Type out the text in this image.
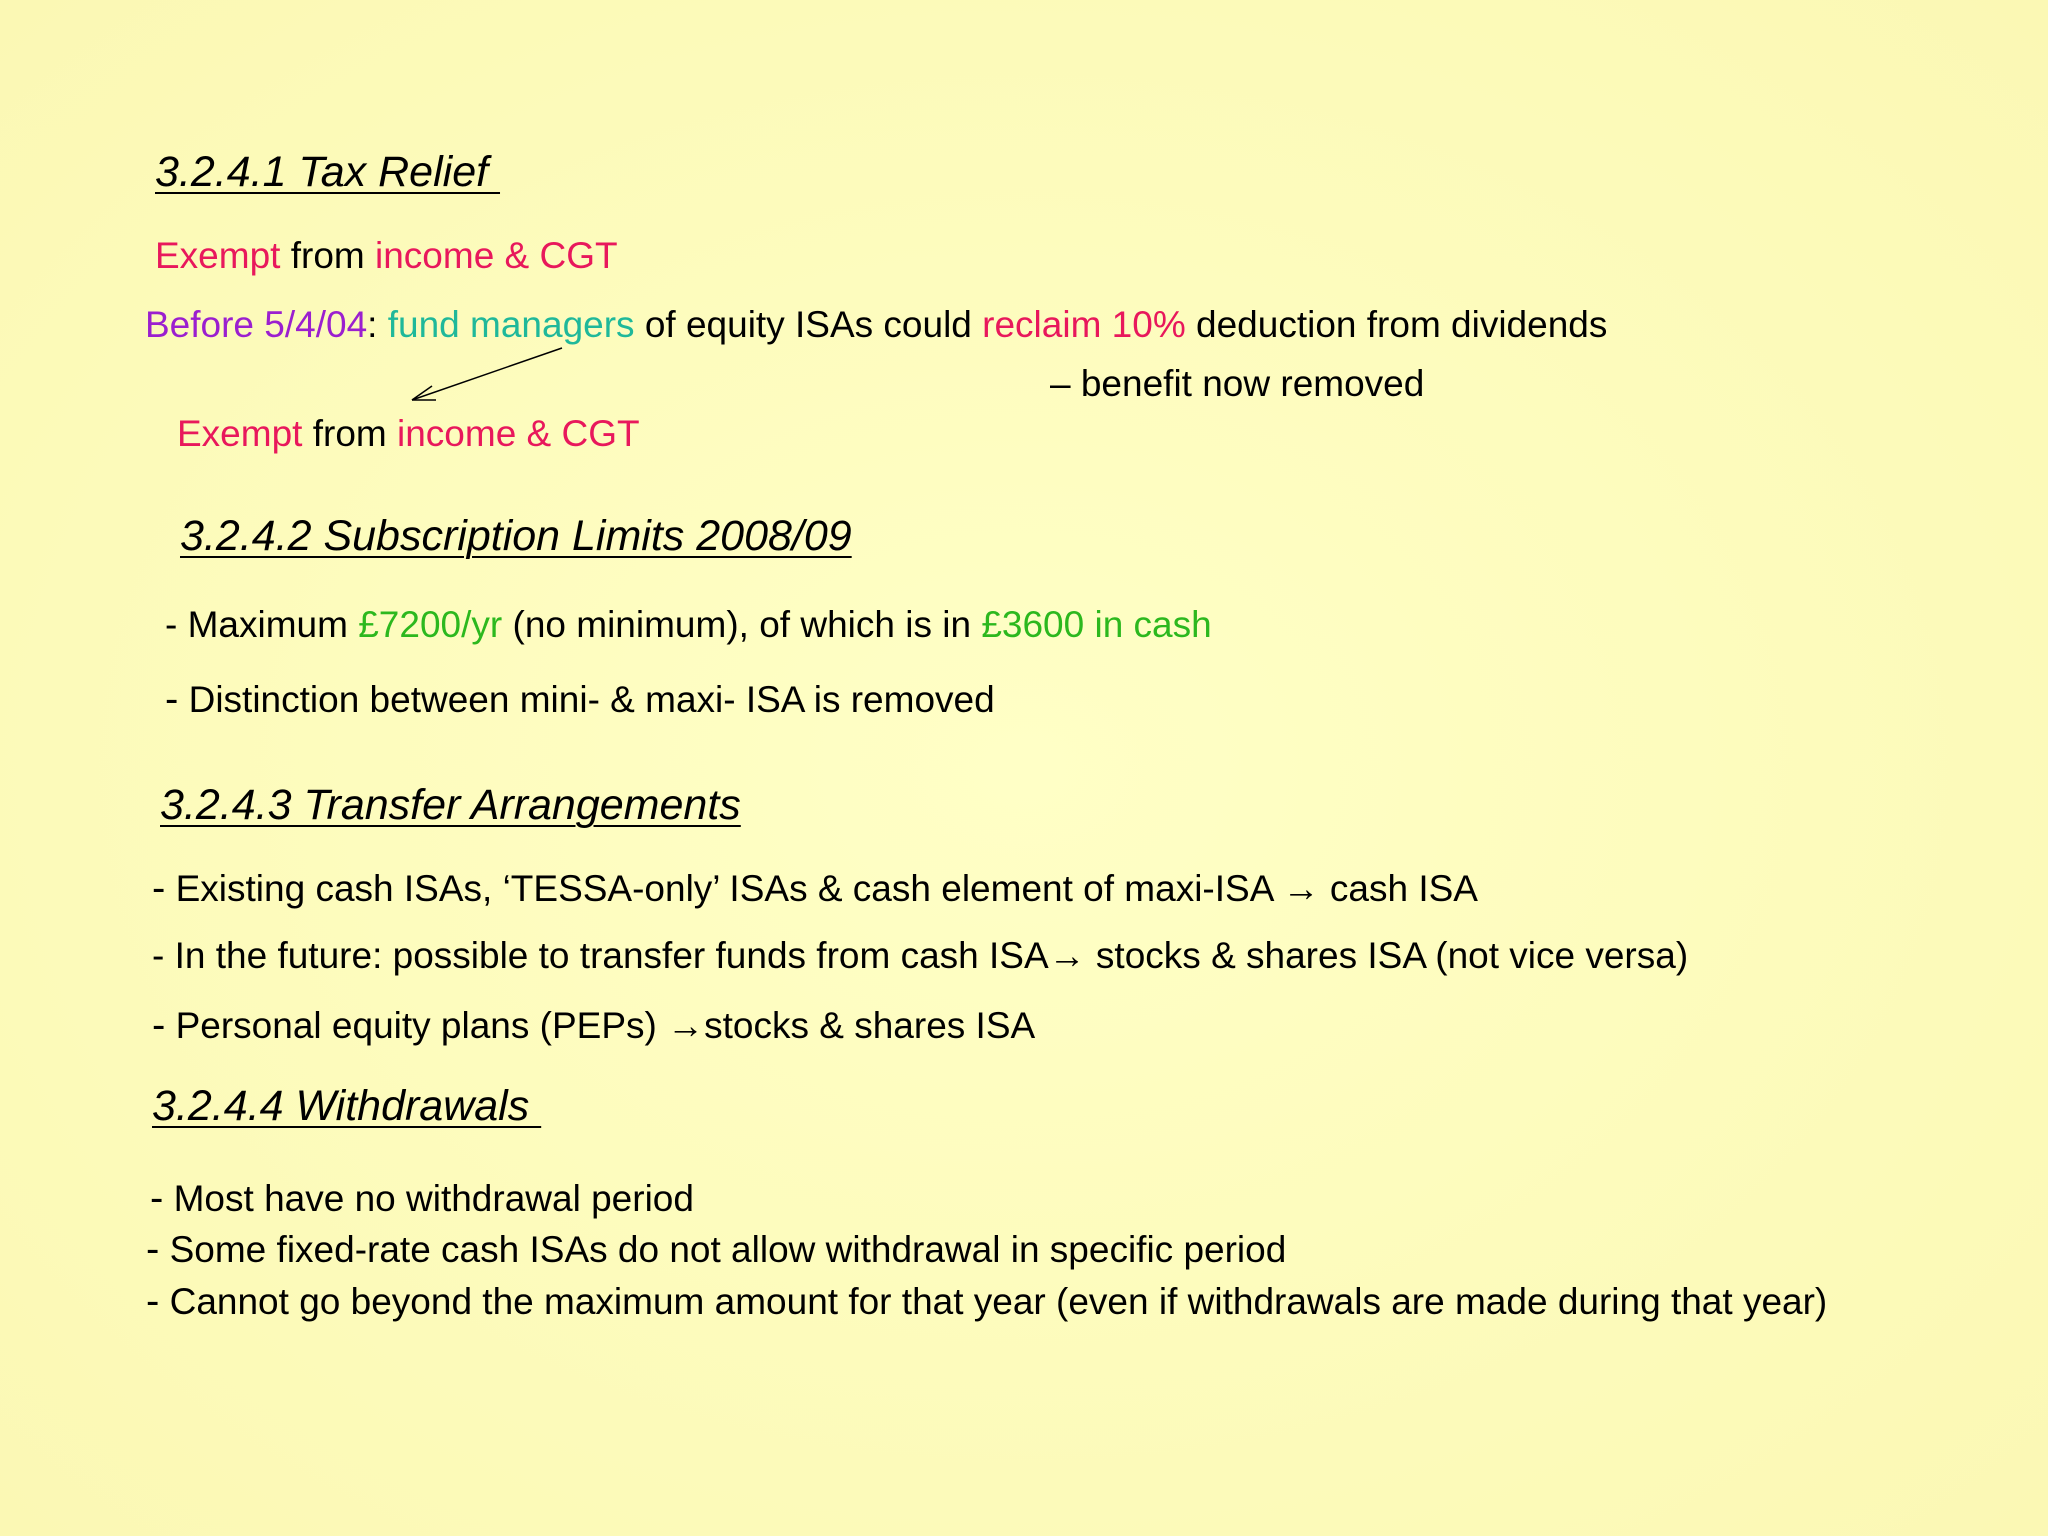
3.2.4.1 Tax Relief
Exempt from income & CGT
Before 5/4/04: fund managers of equity ISAs could reclaim 10% deduction from dividends
– benefit now removed
Exempt from income & CGT
3.2.4.2 Subscription Limits 2008/09
- Maximum £7200/yr (no minimum), of which is in £3600 in cash
- Distinction between mini- & maxi- ISA is removed
3.2.4.3 Transfer Arrangements
- Existing cash ISAs, ‘TESSA-only’ ISAs & cash element of maxi-ISA → cash ISA
- In the future: possible to transfer funds from cash ISA→ stocks & shares ISA (not vice versa)
- Personal equity plans (PEPs) →stocks & shares ISA
3.2.4.4 Withdrawals
- Most have no withdrawal period
- Some fixed-rate cash ISAs do not allow withdrawal in specific period
- Cannot go beyond the maximum amount for that year (even if withdrawals are made during that year)
